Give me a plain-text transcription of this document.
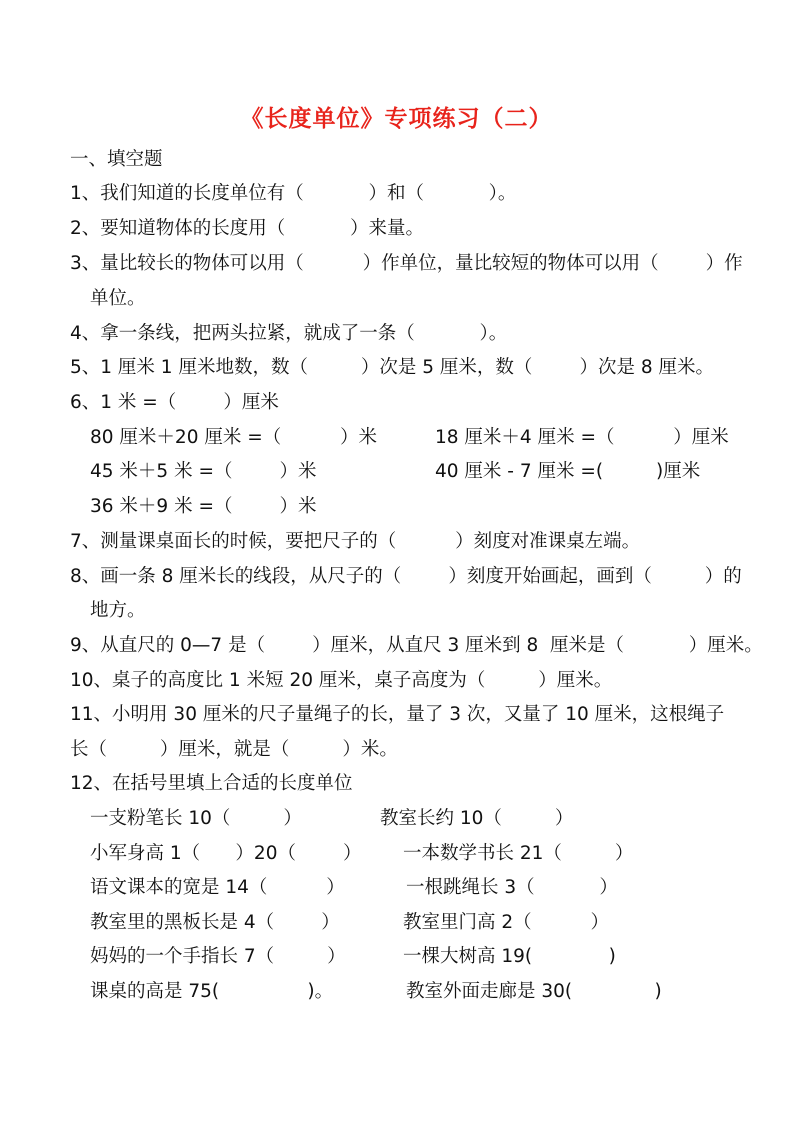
《长度单位》专项练习（二）
一、填空题
1、我们知道的长度单位有（           ）和（           ）。
2、要知道物体的长度用（           ）来量。
3、量比较长的物体可以用（          ）作单位，量比较短的物体可以用（        ）作
单位。
4、拿一条线，把两头拉紧，就成了一条（           ）。
5、1 厘米 1 厘米地数，数（         ）次是 5 厘米，数（        ）次是 8 厘米。
6、1 米 =（        ）厘米
80 厘米＋20 厘米 =（          ）米	18 厘米＋4 厘米 =（          ）厘米
45 米＋5 米 =（        ）米	40 厘米 - 7 厘米 =(         )厘米
36 米＋9 米 =（        ）米
7、测量课桌面长的时候，要把尺子的（          ）刻度对准课桌左端。
8、画一条 8 厘米长的线段，从尺子的（        ）刻度开始画起，画到（         ）的
地方。
9、从直尺的 0—7 是（        ）厘米，从直尺 3 厘米到 8  厘米是（           ）厘米。
10、桌子的高度比 1 米短 20 厘米，桌子高度为（         ）厘米。
11、小明用 30 厘米的尺子量绳子的长，量了 3 次，又量了 10 厘米，这根绳子
长（         ）厘米，就是（         ）米。
12、在括号里填上合适的长度单位
一支粉笔长 10（         ）	教室长约 10（         ）
小军身高 1（      ）20（        ） 一本数学书长 21（         ）
语文课本的宽是 14（          ）	一根跳绳长 3（           ）
教室里的黑板长是 4（        ）	教室里门高 2（          ）
妈妈的一个手指长 7（         ）	一棵大树高 19(             )
课桌的高是 75(               )。	教室外面走廊是 30(              )
